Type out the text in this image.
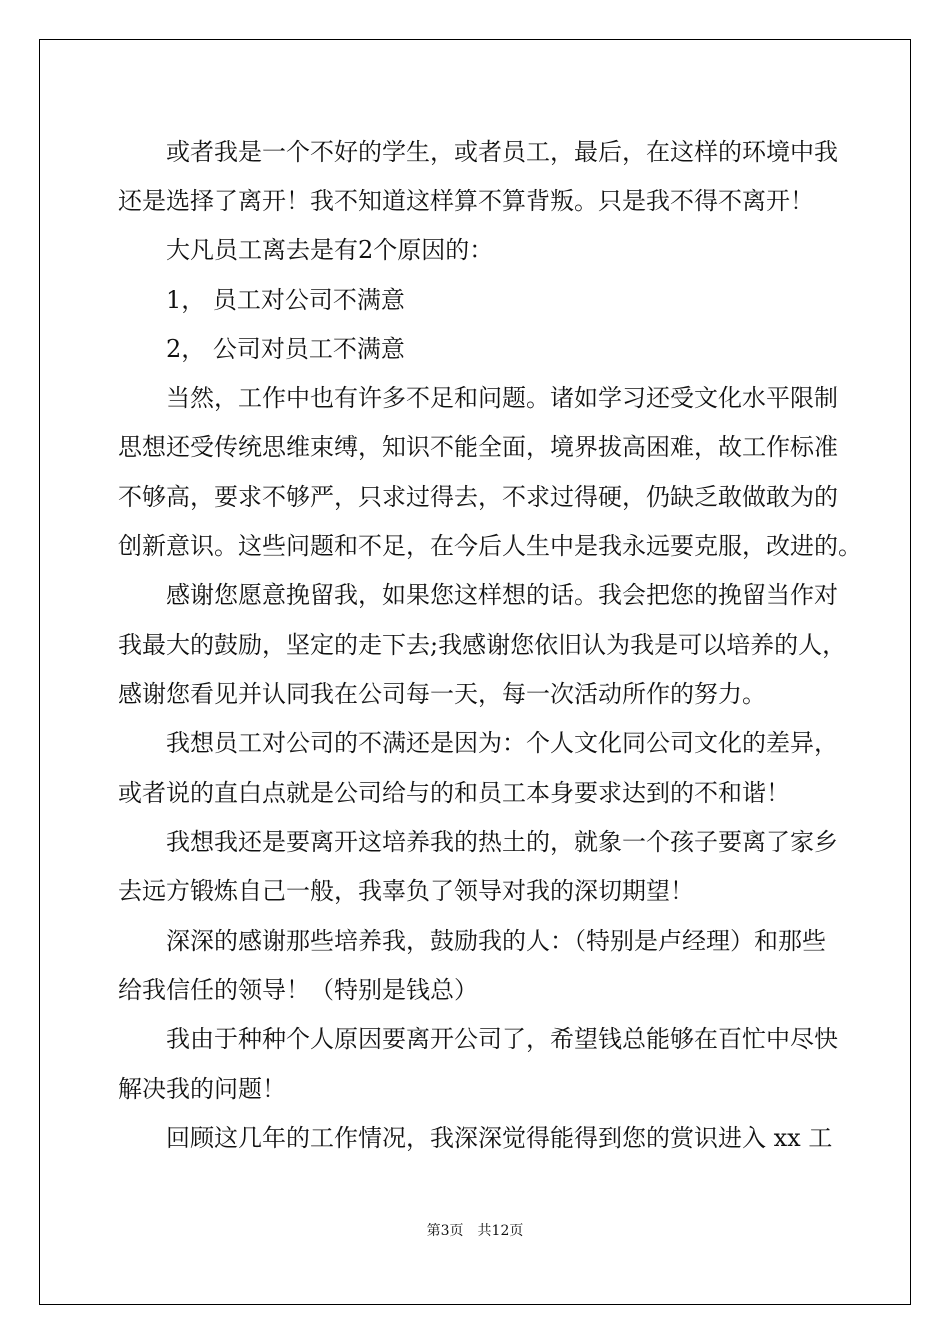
或者我是一个不好的学生，或者员工，最后，在这样的环境中我
还是选择了离开！我不知道这样算不算背叛。只是我不得不离开！
大凡员工离去是有2个原因的：
1， 员工对公司不满意
2， 公司对员工不满意
当然，工作中也有许多不足和问题。诸如学习还受文化水平限制
思想还受传统思维束缚，知识不能全面，境界拔高困难，故工作标准
不够高，要求不够严，只求过得去，不求过得硬，仍缺乏敢做敢为的
创新意识。这些问题和不足，在今后人生中是我永远要克服，改进的。
感谢您愿意挽留我，如果您这样想的话。我会把您的挽留当作对
我最大的鼓励，坚定的走下去;我感谢您依旧认为我是可以培养的人，
感谢您看见并认同我在公司每一天，每一次活动所作的努力。
我想员工对公司的不满还是因为：个人文化同公司文化的差异，
或者说的直白点就是公司给与的和员工本身要求达到的不和谐！
我想我还是要离开这培养我的热土的，就象一个孩子要离了家乡
去远方锻炼自己一般，我辜负了领导对我的深切期望！
深深的感谢那些培养我，鼓励我的人：（特别是卢经理）和那些
给我信任的领导！（特别是钱总）
我由于种种个人原因要离开公司了，希望钱总能够在百忙中尽快
解决我的问题！
回顾这几年的工作情况，我深深觉得能得到您的赏识进入 xx 工
第3页 共12页
